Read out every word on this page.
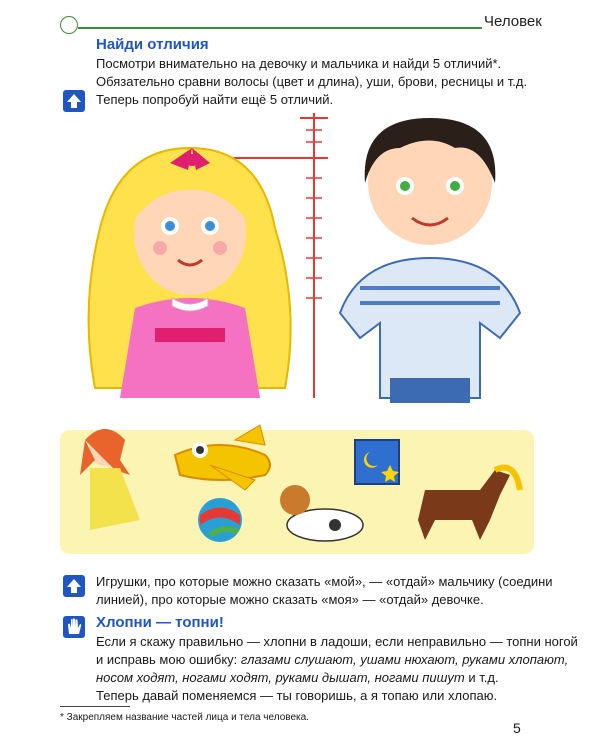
Человек
Найди отличия
Посмотри внимательно на девочку и мальчика и найди 5 отличий*.
Обязательно сравни волосы (цвет и длина), уши, брови, ресницы и т.д.
Теперь попробуй найти ещё 5 отличий.
Игрушки, про которые можно сказать «мой», — «отдай» мальчику (соедини
линией), про которые можно сказать «моя» — «отдай» девочке.
Хлопни — топни!
Если я скажу правильно — хлопни в ладоши, если неправильно — топни ногой
и исправь мою ошибку: глазами слушают, ушами нюхают, руками хлопают,
носом ходят, ногами ходят, руками дышат, ногами пишут и т.д.
Теперь давай поменяемся — ты говоришь, а я топаю или хлопаю.
* Закрепляем название частей лица и тела человека.
5
